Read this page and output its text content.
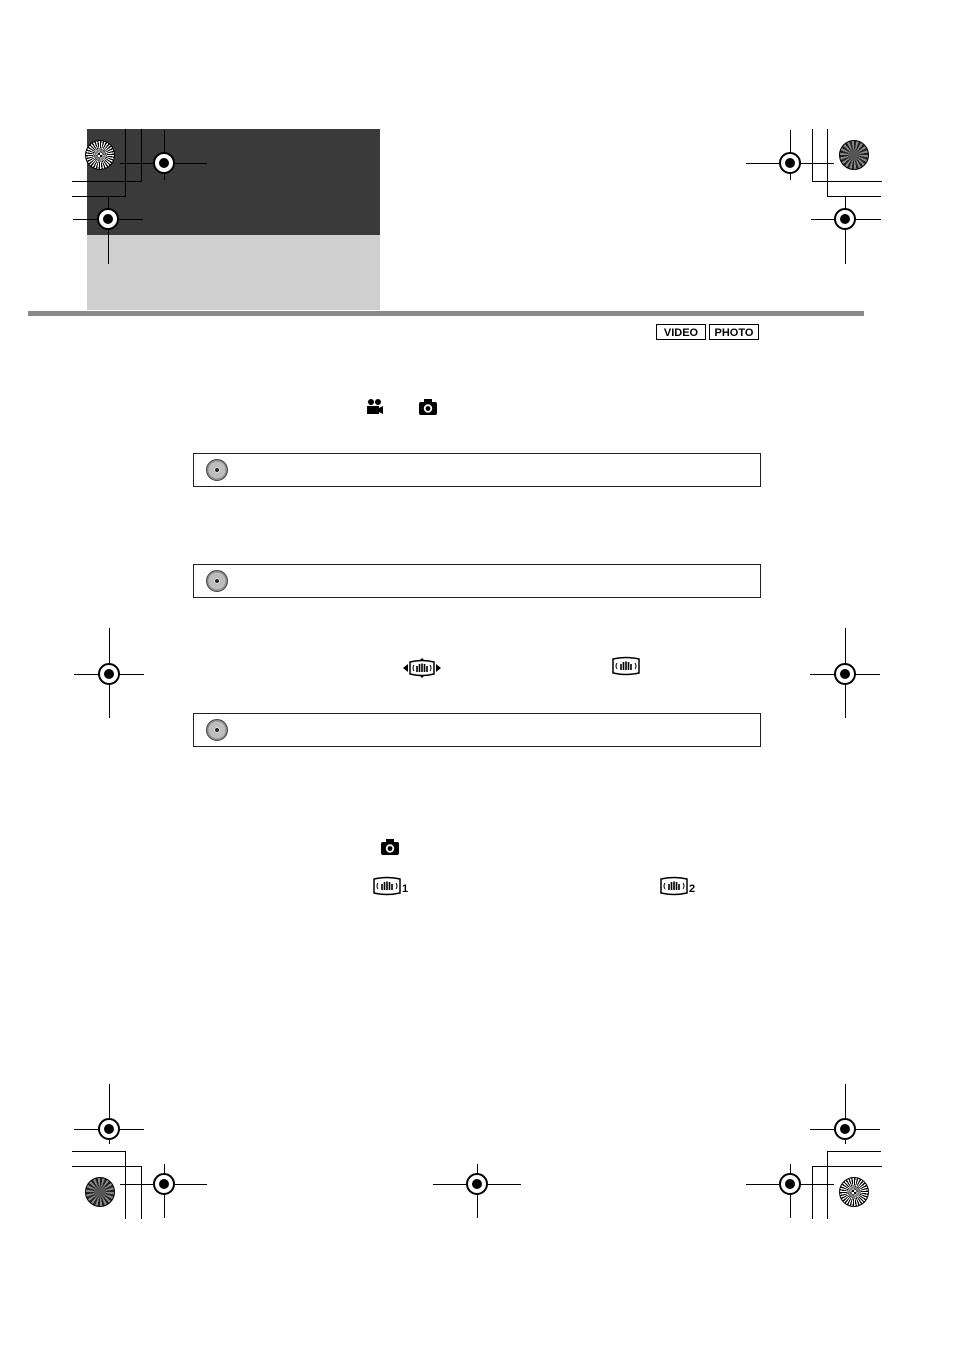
VIDEO	PHOTO
1	2
